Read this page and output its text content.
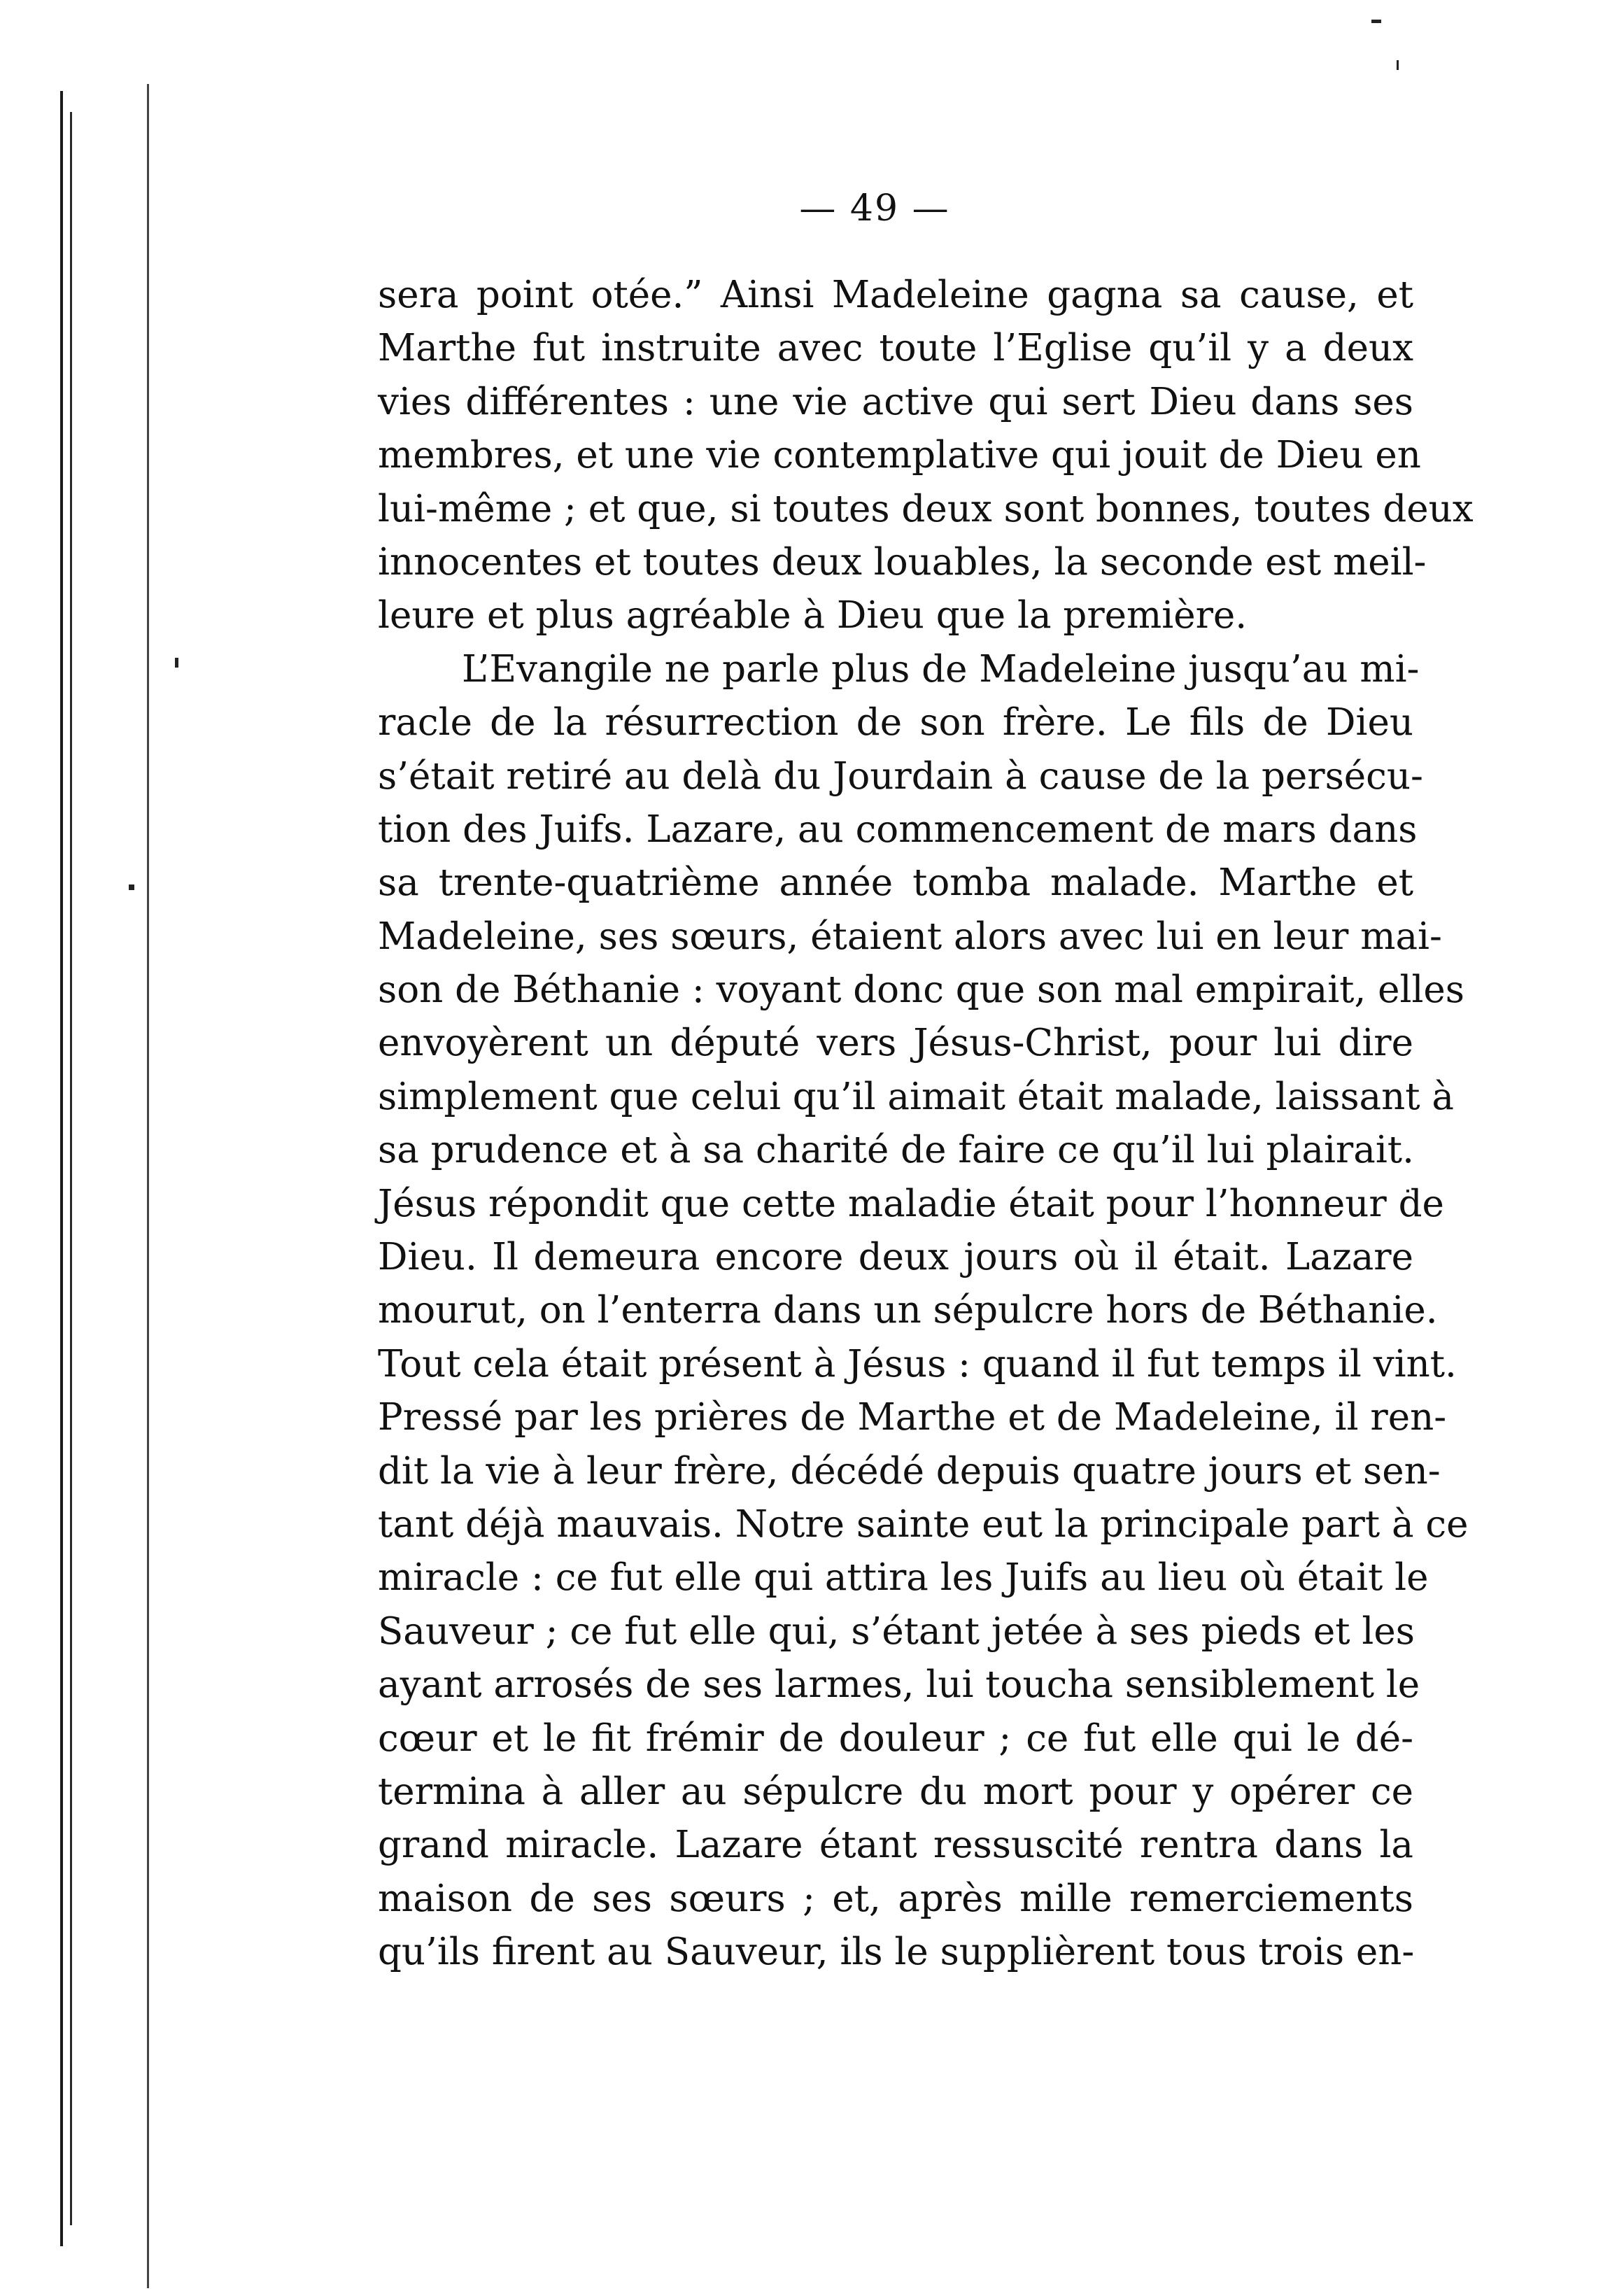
— 49 —
sera point otée.” Ainsi Madeleine gagna sa cause, et
Marthe fut instruite avec toute l’Eglise qu’il y a deux
vies différentes : une vie active qui sert Dieu dans ses
membres, et une vie contemplative qui jouit de Dieu en
lui-même ; et que, si toutes deux sont bonnes, toutes deux
innocentes et toutes deux louables, la seconde est meil-
leure et plus agréable à Dieu que la première.
L’Evangile ne parle plus de Madeleine jusqu’au mi-
racle de la résurrection de son frère. Le fils de Dieu
s’était retiré au delà du Jourdain à cause de la persécu-
tion des Juifs. Lazare, au commencement de mars dans
sa trente-quatrième année tomba malade. Marthe et
Madeleine, ses sœurs, étaient alors avec lui en leur mai-
son de Béthanie : voyant donc que son mal empirait, elles
envoyèrent un député vers Jésus-Christ, pour lui dire
simplement que celui qu’il aimait était malade, laissant à
sa prudence et à sa charité de faire ce qu’il lui plairait.
Jésus répondit que cette maladie était pour l’honneur de
Dieu. Il demeura encore deux jours où il était. Lazare
mourut, on l’enterra dans un sépulcre hors de Béthanie.
Tout cela était présent à Jésus : quand il fut temps il vint.
Pressé par les prières de Marthe et de Madeleine, il ren-
dit la vie à leur frère, décédé depuis quatre jours et sen-
tant déjà mauvais. Notre sainte eut la principale part à ce
miracle : ce fut elle qui attira les Juifs au lieu où était le
Sauveur ; ce fut elle qui, s’étant jetée à ses pieds et les
ayant arrosés de ses larmes, lui toucha sensiblement le
cœur et le fit frémir de douleur ; ce fut elle qui le dé-
termina à aller au sépulcre du mort pour y opérer ce
grand miracle. Lazare étant ressuscité rentra dans la
maison de ses sœurs ; et, après mille remerciements
qu’ils firent au Sauveur, ils le supplièrent tous trois en-
